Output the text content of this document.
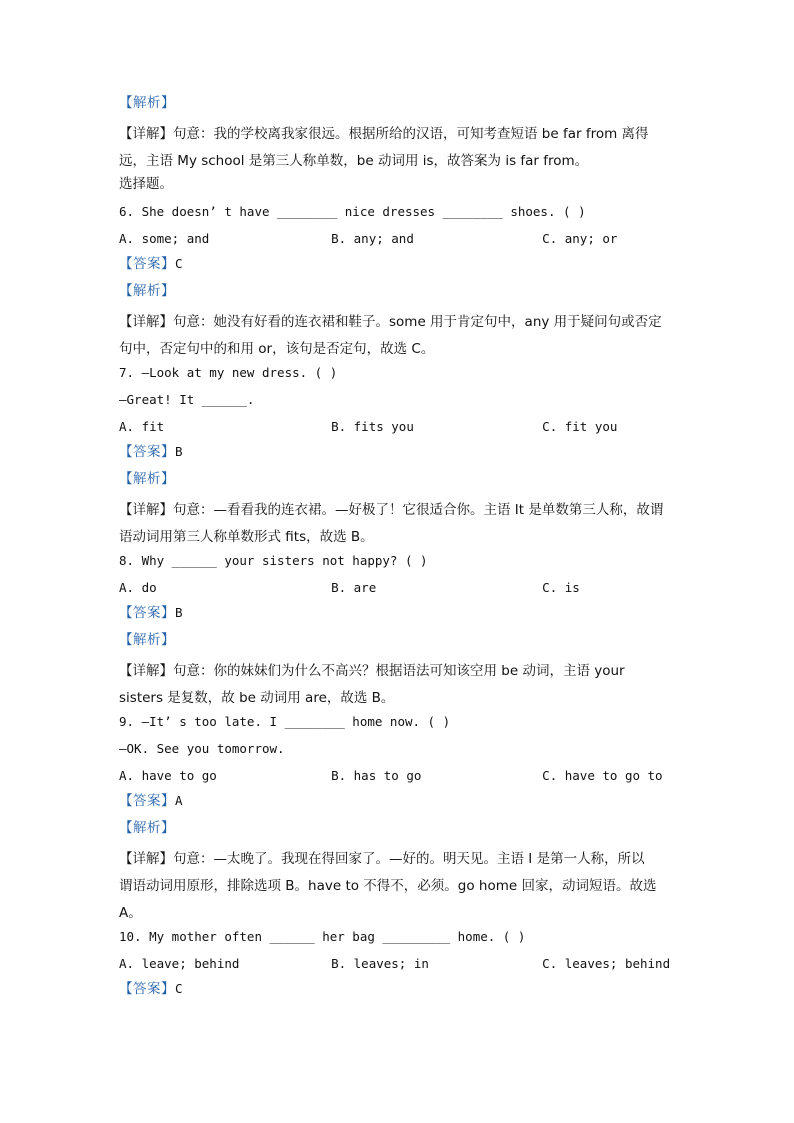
【解析】
【详解】句意：我的学校离我家很远。根据所给的汉语，可知考查短语 be far from 离得
远，主语 My school 是第三人称单数，be 动词用 is，故答案为 is far from。
选择题。
6. She doesn’ t have ________ nice dresses ________ shoes. ( )
A. some; and	B. any; and	C. any; or
【答案】C
【解析】
【详解】句意：她没有好看的连衣裙和鞋子。some 用于肯定句中，any 用于疑问句或否定
句中，否定句中的和用 or，该句是否定句，故选 C。
7. —Look at my new dress. ( )
—Great! It ______.
A. fit	B. fits you	C. fit you
【答案】B
【解析】
【详解】句意：—看看我的连衣裙。—好极了！它很适合你。主语 It 是单数第三人称，故谓
语动词用第三人称单数形式 fits，故选 B。
8. Why ______ your sisters not happy? ( )
A. do	B. are	C. is
【答案】B
【解析】
【详解】句意：你的妹妹们为什么不高兴？根据语法可知该空用 be 动词，主语 your
sisters 是复数，故 be 动词用 are，故选 B。
9. —It’ s too late. I ________ home now. ( )
—OK. See you tomorrow.
A. have to go	B. has to go	C. have to go to
【答案】A
【解析】
【详解】句意：—太晚了。我现在得回家了。—好的。明天见。主语 I 是第一人称，所以
谓语动词用原形，排除选项 B。have to 不得不，必须。go home 回家，动词短语。故选
A。
10. My mother often ______ her bag _________ home. ( )
A. leave; behind	B. leaves; in	C. leaves; behind
【答案】C
